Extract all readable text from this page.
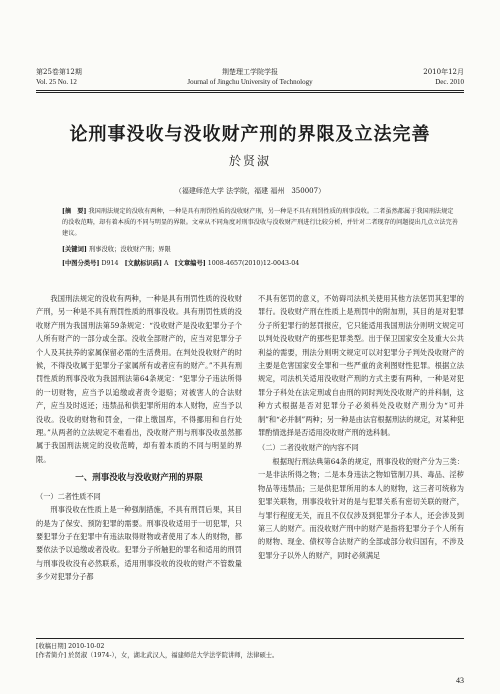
第25卷第12期
Vol. 25 No. 12
荆楚理工学院学报
Journal of Jingchu University of Technology
2010年12月
Dec. 2010
论刑事没收与没收财产刑的界限及立法完善
於贤淑
（福建师范大学 法学院，福建 福州　350007）
[摘　要] 我国刑法规定的没收有两种，一种是具有刑罚性质的没收财产刑，另一种是不具有刑罚性质的刑事没收。二者虽然都属于我国刑法规定的没收范畴，却有着本质的不同与明显的界限。文章从不同角度对刑事没收与没收财产刑进行比较分析，并针对二者现存的问题提出几点立法完善建议。
[关键词] 刑事没收；没收财产刑；界限
[中图分类号] D914 [文献标识码] A [文章编号] 1008-4657(2010)12-0043-04

我国刑法规定的没收有两种，一种是具有刑罚性质的没收财产刑，另一种是不具有刑罚性质的刑事没收。具有刑罚性质的没收财产刑为我国刑法第59条规定：“没收财产是没收犯罪分子个人所有财产的一部分或全部。没收全部财产的，应当对犯罪分子个人及其扶养的家属保留必需的生活费用。在判处没收财产的时候，不得没收属于犯罪分子家属所有或者应有的财产。”不具有刑罚性质的刑事没收为我国刑法第64条规定：“犯罪分子违法所得的一切财物，应当予以追缴或者责令退赔；对被害人的合法财产，应当及时返还；违禁品和供犯罪所用的本人财物，应当予以没收。没收的财物和罚金，一律上缴国库，不得挪用和自行处理。”从两者的立法规定不难看出，没收财产刑与刑事没收虽然都属于我国刑法规定的没收范畴，却有着本质的不同与明显的界限。

一、刑事没收与没收财产刑的界限
（一）二者性质不同

刑事没收在性质上是一种强制措施，不具有刑罚后果，其目的是为了保安、预防犯罪的需要。刑事没收适用于一切犯罪，只要犯罪分子在犯罪中有违法取得财物或者使用了本人的财物，都要依法予以追缴或者没收。犯罪分子所触犯的罪名和适用的刑罚与刑事没收没有必然联系，适用刑事没收的没收的财产不管数量多少对犯罪分子都

不具有惩罚的意义，不妨碍司法机关使用其他方法惩罚其犯罪的罪行。没收财产刑在性质上是刑罚中的附加刑，其目的是对犯罪分子所犯罪行的惩罚报应，它只能适用我国刑法分则明文规定可以判处没收财产的那些犯罪类型。出于保卫国家安全及重大公共利益的需要，刑法分则明文规定可以对犯罪分子判处没收财产的主要是危害国家安全罪和一些严重的贪利图财性犯罪。根据立法规定，司法机关适用没收财产刑的方式主要有两种，一种是对犯罪分子科处在法定刑或自由刑的同时判处没收财产的并科制，这种方式根据是否对犯罪分子必须科处没收财产刑分为“可并制”和“必并制”两种；另一种是由法官根据刑法的规定，对某种犯罪酌情选择是否适用没收财产刑的选科制。

（二）二者没收财产的内容不同

根据现行刑法典第64条的规定，刑事没收的财产分为三类：一是非法所得之物；二是本身违法之物如管制刀具、毒品、淫秽物品等违禁品；三是供犯罪所用的本人的财物，这三者可统称为犯罪关联物，刑事没收针对的是与犯罪关系有密切关联的财产，与罪行程度无关，而且不仅仅涉及到犯罪分子本人，还会涉及到第三人的财产。而没收财产刑中的财产是指将犯罪分子个人所有的财物、现金、债权等合法财产的全部或部分收归国有，不涉及犯罪分子以外人的财产，同时必须满足

[收稿日期] 2010-10-02
[作者简介] 於贤淑（1974-），女，湖北武汉人，福建师范大学法学院讲师，法律硕士。
43
